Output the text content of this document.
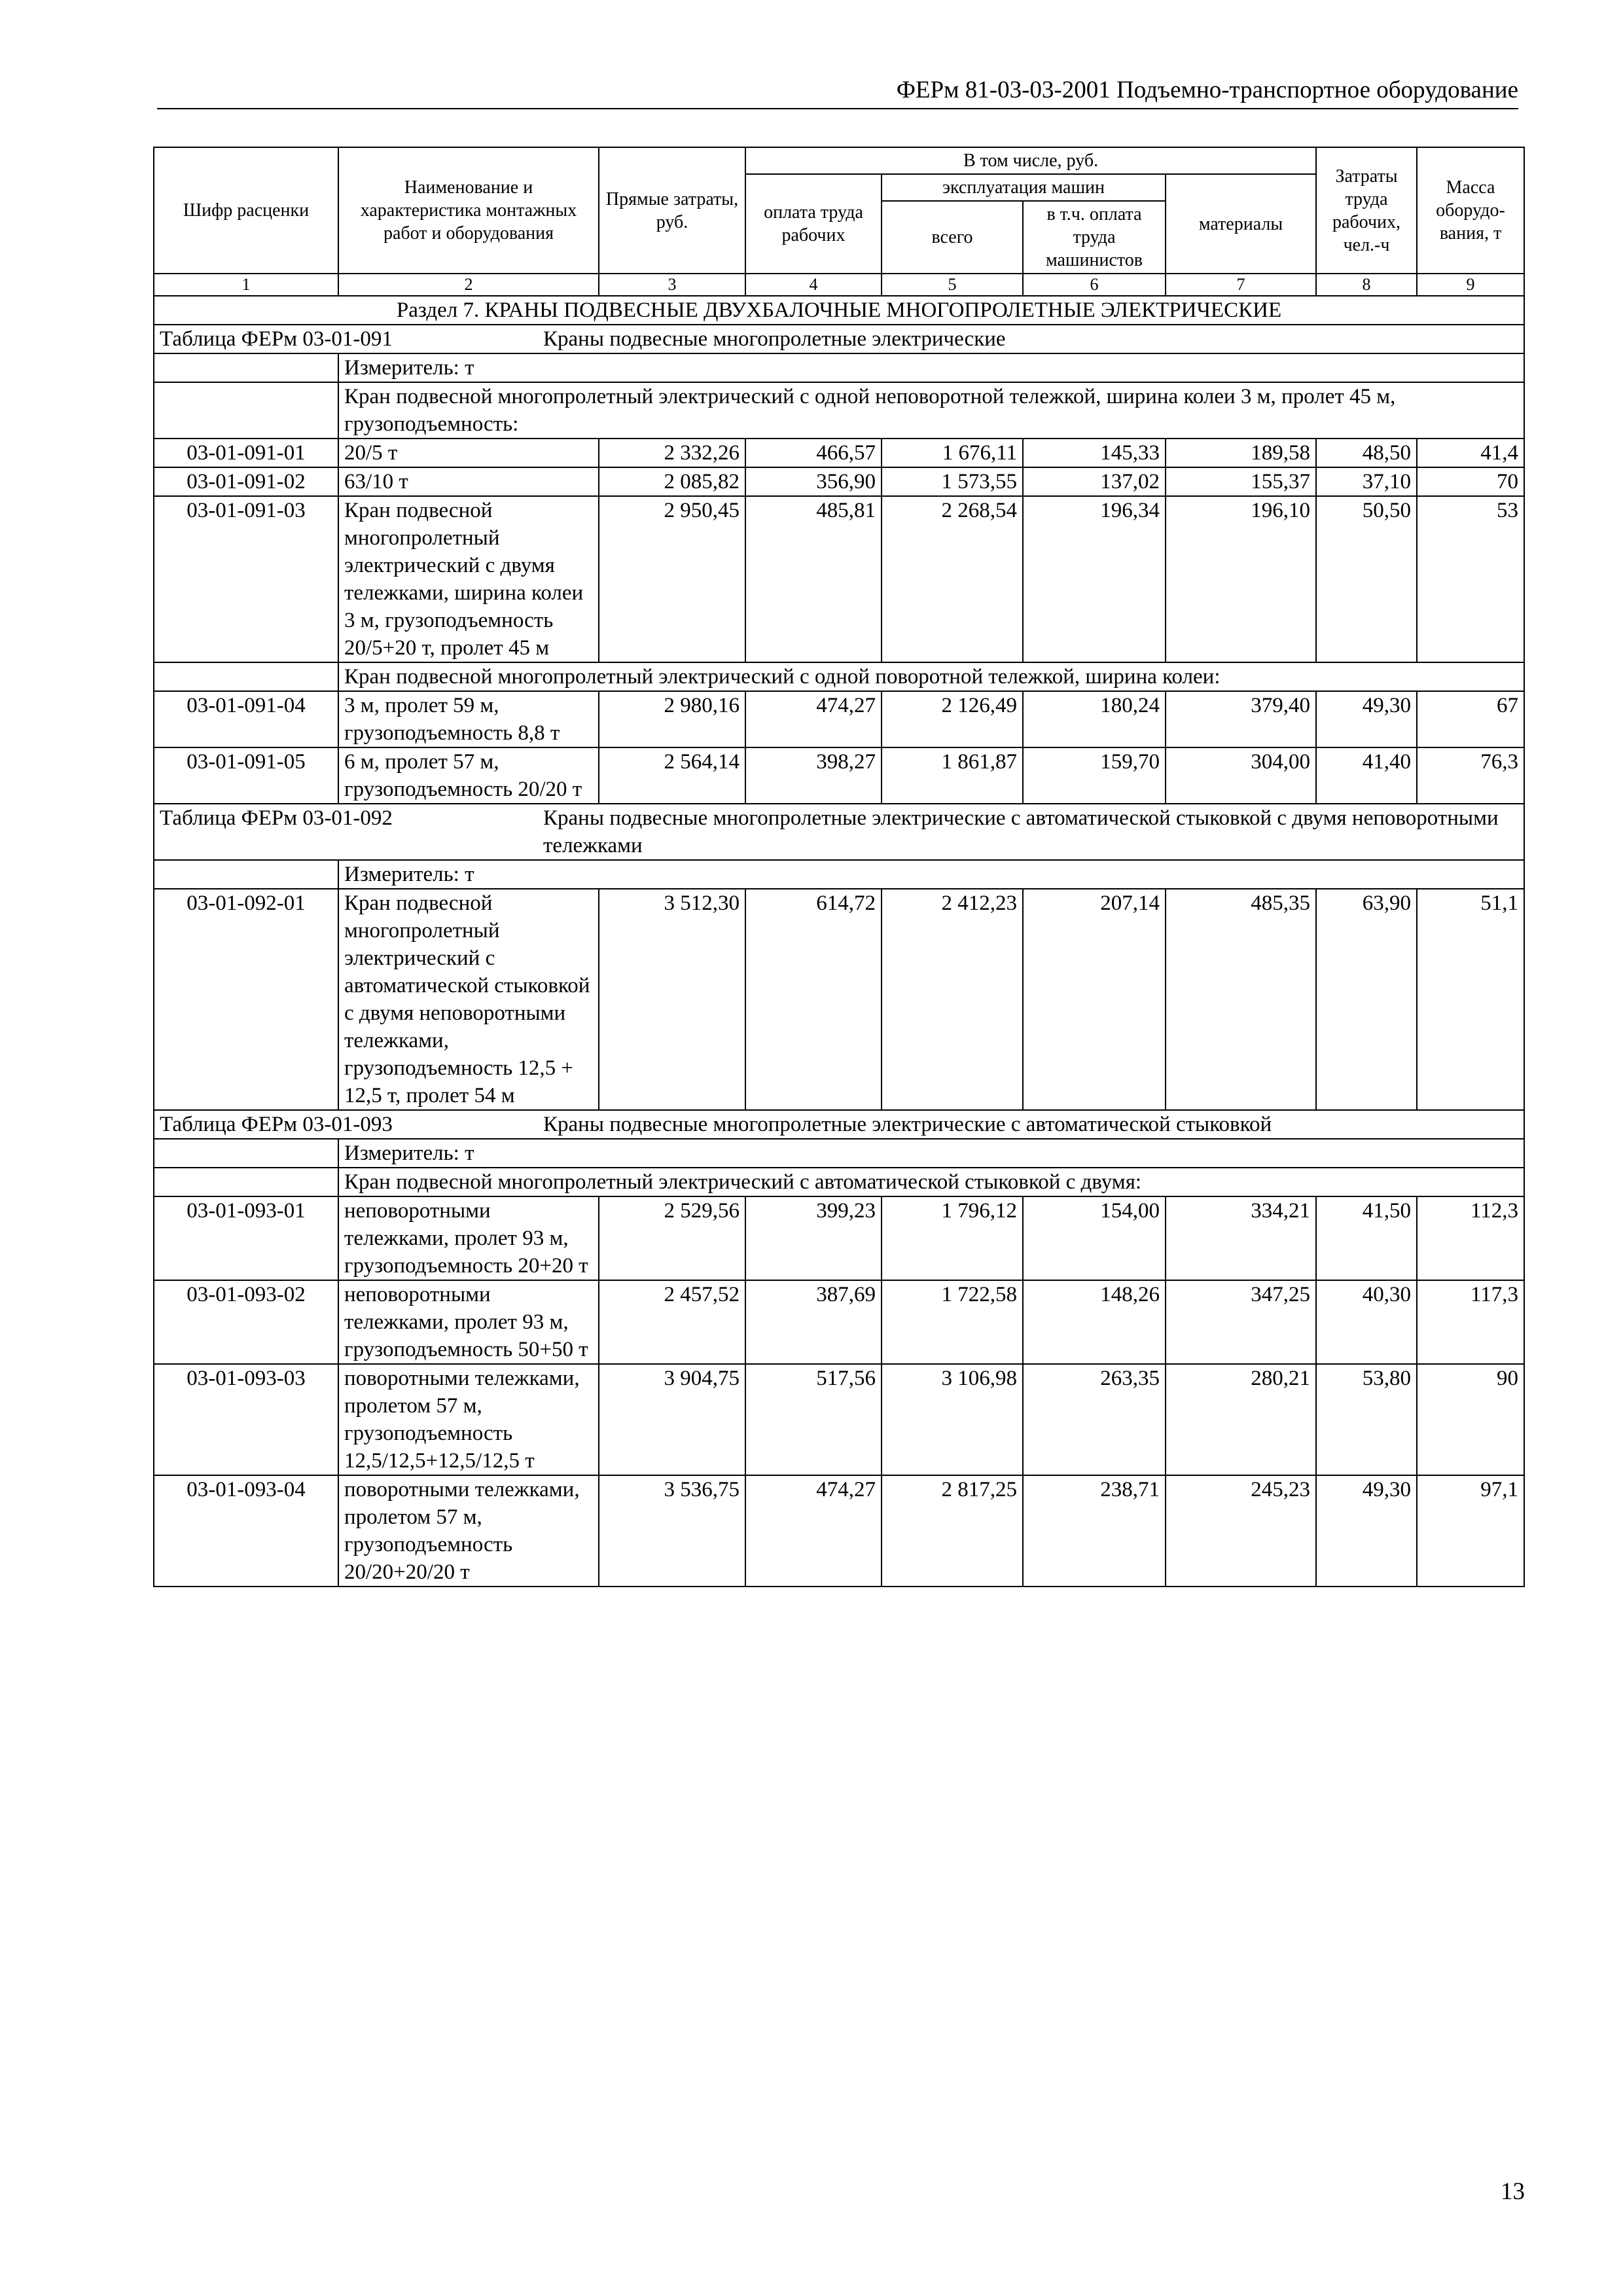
ФЕРм 81-03-03-2001 Подъемно-транспортное оборудование
Шифр расценки	Наименование и характеристика монтажных работ и оборудования	Прямые затраты, руб.	В том числе, руб.				Затраты труда рабочих, чел.-ч	Масса оборудо-вания, т
			оплата труда рабочих	эксплуатация машин		материалы		
				всего	в т.ч. оплата труда машинистов			
1	2	3	4	5	6	7	8	9
Раздел 7. КРАНЫ ПОДВЕСНЫЕ ДВУХБАЛОЧНЫЕ МНОГОПРОЛЕТНЫЕ ЭЛЕКТРИЧЕСКИЕ								
Таблица ФЕРм 03-01-091 Краны подвесные многопролетные электрические								
	Измеритель: т							
	Кран подвесной многопролетный электрический с одной неповоротной тележкой, ширина колеи 3 м, пролет 45 м, грузоподъемность:							
03-01-091-01	20/5 т	2 332,26	466,57	1 676,11	145,33	189,58	48,50	41,4
03-01-091-02	63/10 т	2 085,82	356,90	1 573,55	137,02	155,37	37,10	70
03-01-091-03	Кран подвесной многопролетный электрический с двумя тележками, ширина колеи 3 м, грузоподъемность 20/5+20 т, пролет 45 м	2 950,45	485,81	2 268,54	196,34	196,10	50,50	53
	Кран подвесной многопролетный электрический с одной поворотной тележкой, ширина колеи:							
03-01-091-04	3 м, пролет 59 м, грузоподъемность 8,8 т	2 980,16	474,27	2 126,49	180,24	379,40	49,30	67
03-01-091-05	6 м, пролет 57 м, грузоподъемность 20/20 т	2 564,14	398,27	1 861,87	159,70	304,00	41,40	76,3
Таблица ФЕРм 03-01-092 Краны подвесные многопролетные электрические с автоматической стыковкой с двумя неповоротными тележками								
	Измеритель: т							
03-01-092-01	Кран подвесной многопролетный электрический с автоматической стыковкой с двумя неповоротными тележками, грузоподъемность 12,5 + 12,5 т, пролет 54 м	3 512,30	614,72	2 412,23	207,14	485,35	63,90	51,1
Таблица ФЕРм 03-01-093 Краны подвесные многопролетные электрические с автоматической стыковкой								
	Измеритель: т							
	Кран подвесной многопролетный электрический с автоматической стыковкой с двумя:							
03-01-093-01	неповоротными тележками, пролет 93 м, грузоподъемность 20+20 т	2 529,56	399,23	1 796,12	154,00	334,21	41,50	112,3
03-01-093-02	неповоротными тележками, пролет 93 м, грузоподъемность 50+50 т	2 457,52	387,69	1 722,58	148,26	347,25	40,30	117,3
03-01-093-03	поворотными тележками, пролетом 57 м, грузоподъемность 12,5/12,5+12,5/12,5 т	3 904,75	517,56	3 106,98	263,35	280,21	53,80	90
03-01-093-04	поворотными тележками, пролетом 57 м, грузоподъемность 20/20+20/20 т	3 536,75	474,27	2 817,25	238,71	245,23	49,30	97,1
13
